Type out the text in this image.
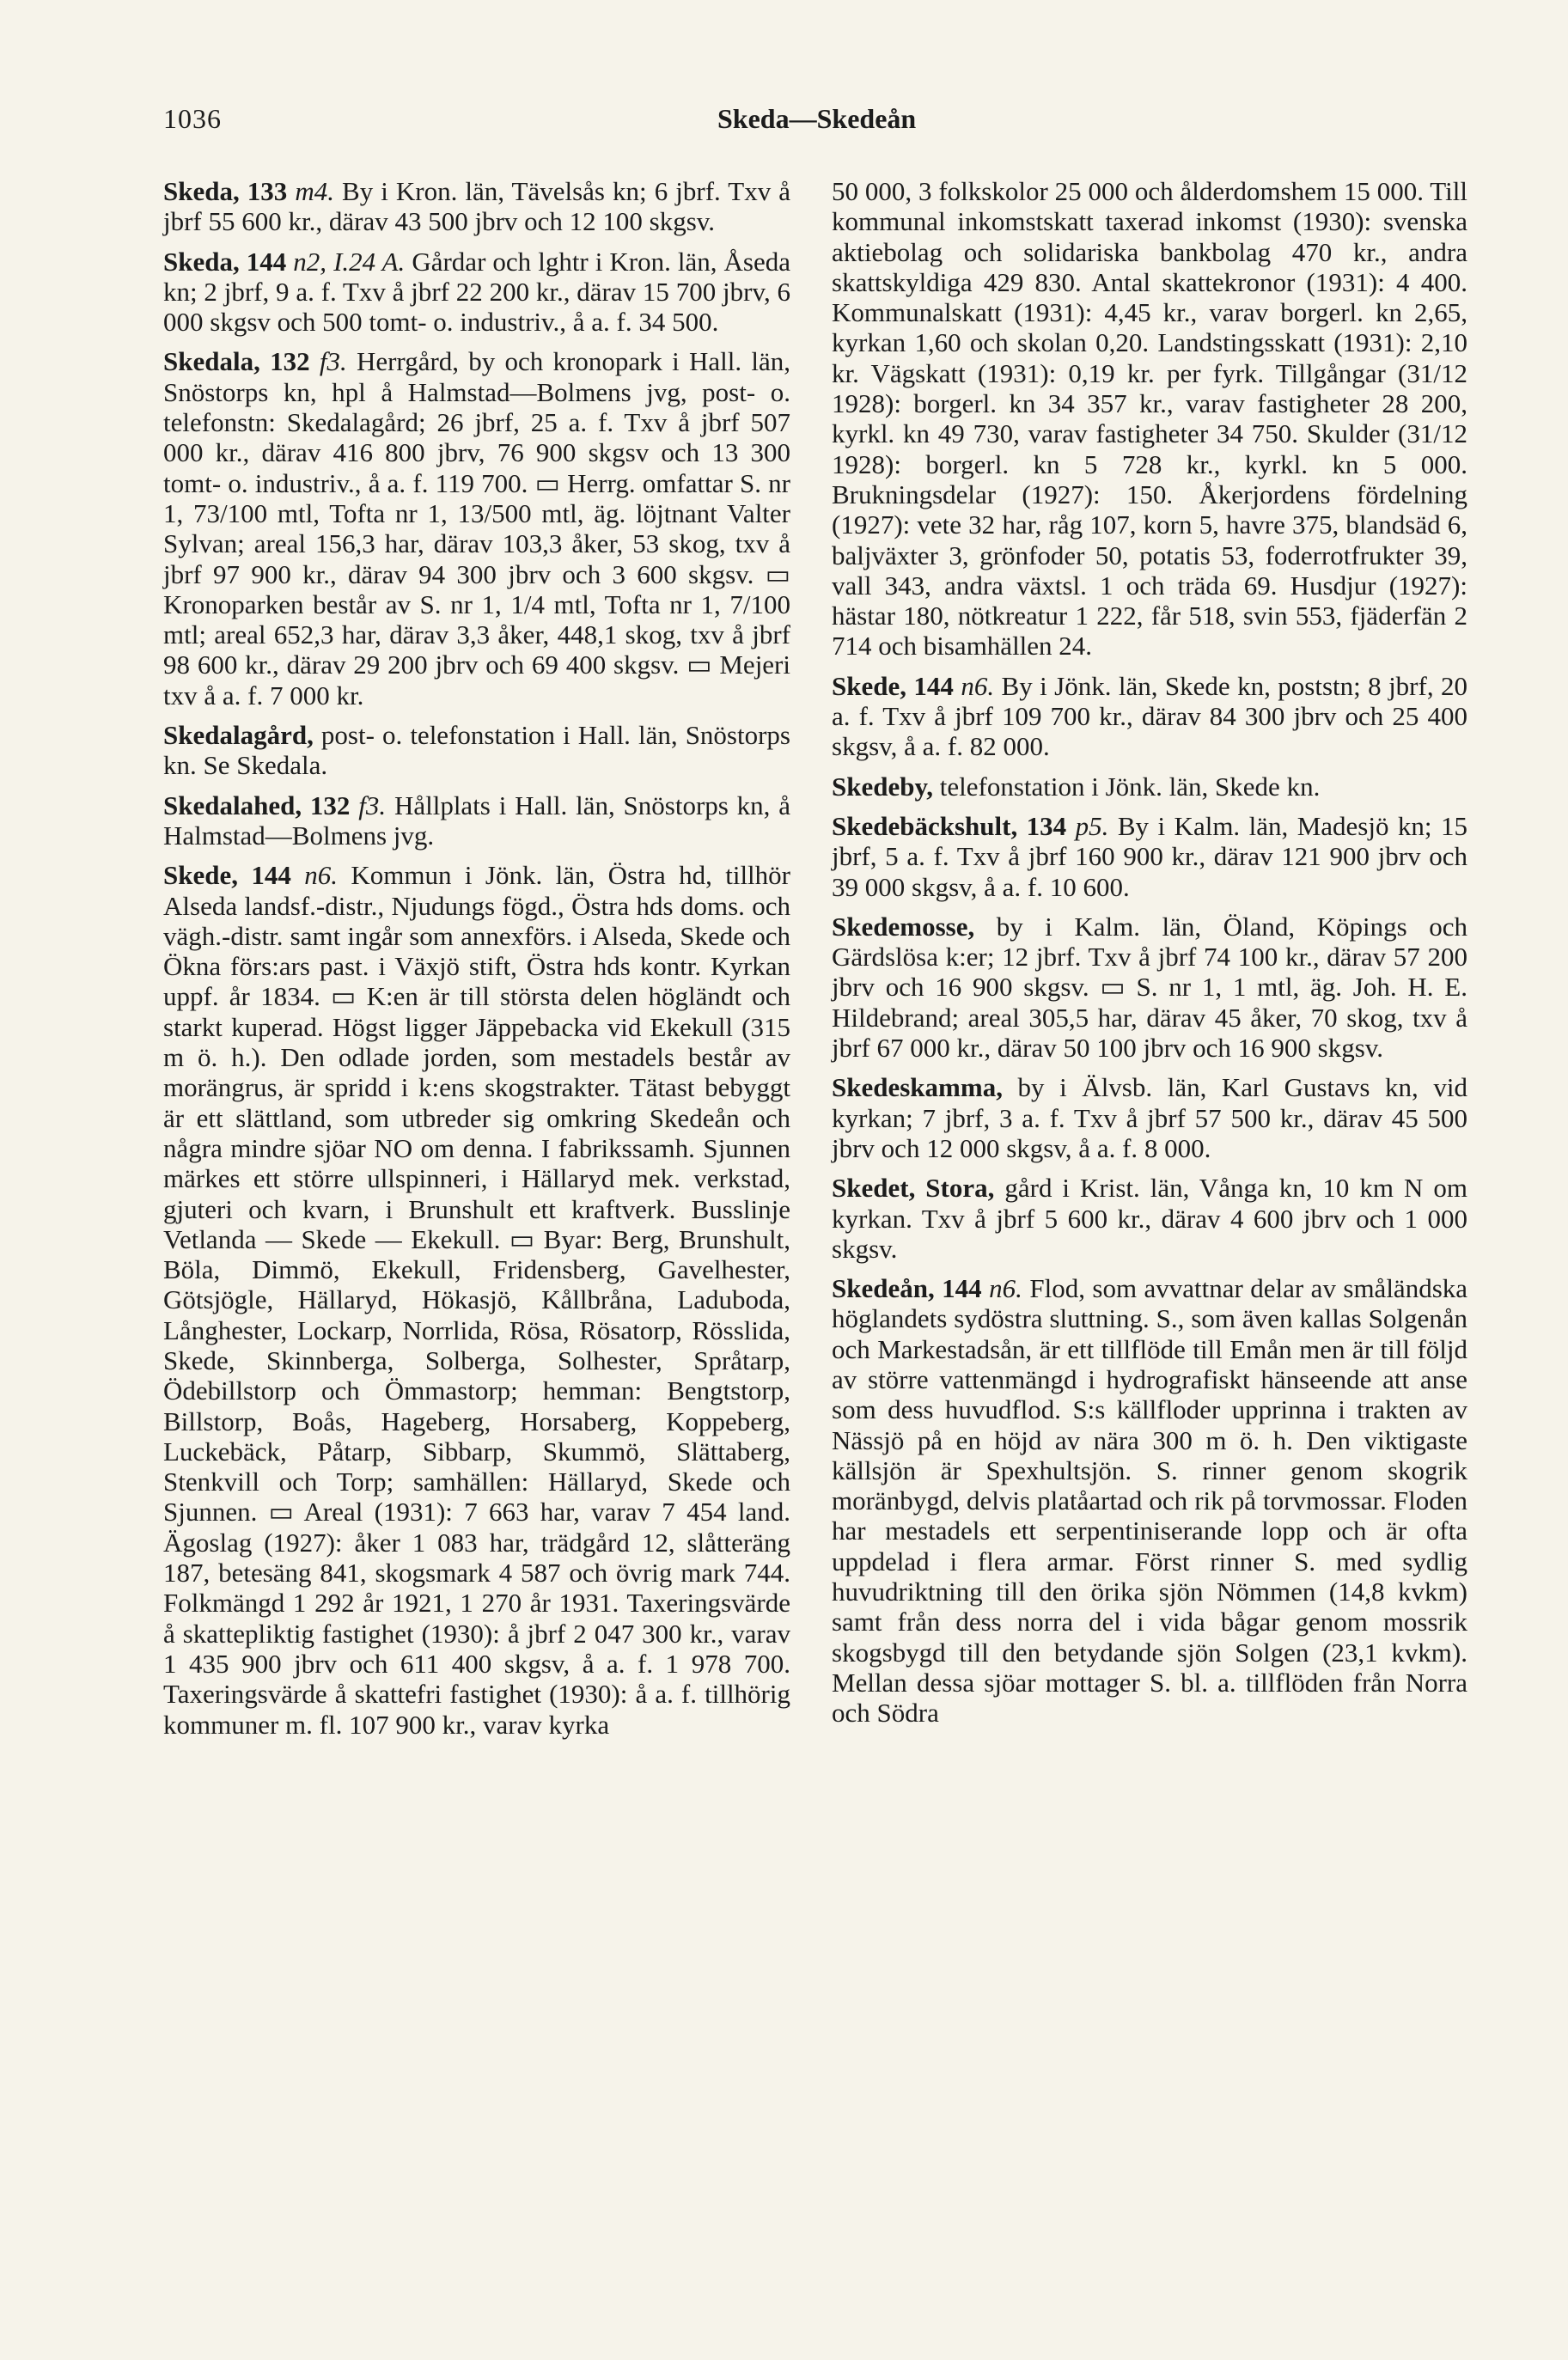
1036	Skeda—Skedeån

Skeda, 133 m4. By i Kron. län, Tävelsås kn; 6 jbrf. Txv å jbrf 55 600 kr., därav 43 500 jbrv och 12 100 skgsv.

Skeda, 144 n2, I.24 A. Gårdar och lghtr i Kron. län, Åseda kn; 2 jbrf, 9 a. f. Txv å jbrf 22 200 kr., därav 15 700 jbrv, 6 000 skgsv och 500 tomt- o. industriv., å a. f. 34 500.

Skedala, 132 f3. Herrgård, by och kronopark i Hall. län, Snöstorps kn, hpl å Halmstad—Bolmens jvg, post- o. telefonstn: Skedalagård; 26 jbrf, 25 a. f. Txv å jbrf 507 000 kr., därav 416 800 jbrv, 76 900 skgsv och 13 300 tomt- o. industriv., å a. f. 119 700. ▭ Herrg. omfattar S. nr 1, 73/100 mtl, Tofta nr 1, 13/500 mtl, äg. löjtnant Valter Sylvan; areal 156,3 har, därav 103,3 åker, 53 skog, txv å jbrf 97 900 kr., därav 94 300 jbrv och 3 600 skgsv. ▭ Kronoparken består av S. nr 1, 1/4 mtl, Tofta nr 1, 7/100 mtl; areal 652,3 har, därav 3,3 åker, 448,1 skog, txv å jbrf 98 600 kr., därav 29 200 jbrv och 69 400 skgsv. ▭ Mejeri txv å a. f. 7 000 kr.

Skedalagård, post- o. telefonstation i Hall. län, Snöstorps kn. Se Skedala.

Skedalahed, 132 f3. Hållplats i Hall. län, Snöstorps kn, å Halmstad—Bolmens jvg.

Skede, 144 n6. Kommun i Jönk. län, Östra hd, tillhör Alseda landsf.-distr., Njudungs fögd., Östra hds doms. och vägh.-distr. samt ingår som annexförs. i Alseda, Skede och Ökna förs:ars past. i Växjö stift, Östra hds kontr. Kyrkan uppf. år 1834. ▭ K:en är till största delen högländt och starkt kuperad. Högst ligger Jäppebacka vid Ekekull (315 m ö. h.). Den odlade jorden, som mestadels består av morängrus, är spridd i k:ens skogstrakter. Tätast bebyggt är ett slättland, som utbreder sig omkring Skedeån och några mindre sjöar NO om denna. I fabrikssamh. Sjunnen märkes ett större ullspinneri, i Hällaryd mek. verkstad, gjuteri och kvarn, i Brunshult ett kraftverk. Busslinje Vetlanda — Skede — Ekekull. ▭ Byar: Berg, Brunshult, Böla, Dimmö, Ekekull, Fridensberg, Gavelhester, Götsjögle, Hällaryd, Hökasjö, Kållbråna, Laduboda, Långhester, Lockarp, Norrlida, Rösa, Rösatorp, Rösslida, Skede, Skinnberga, Solberga, Solhester, Språtarp, Ödebillstorp och Ömmastorp; hemman: Bengtstorp, Billstorp, Boås, Hageberg, Horsaberg, Koppeberg, Luckebäck, Påtarp, Sibbarp, Skummö, Slättaberg, Stenkvill och Torp; samhällen: Hällaryd, Skede och Sjunnen. ▭ Areal (1931): 7 663 har, varav 7 454 land. Ägoslag (1927): åker 1 083 har, trädgård 12, slåtteräng 187, betesäng 841, skogsmark 4 587 och övrig mark 744. Folkmängd 1 292 år 1921, 1 270 år 1931. Taxeringsvärde å skattepliktig fastighet (1930): å jbrf 2 047 300 kr., varav 1 435 900 jbrv och 611 400 skgsv, å a. f. 1 978 700. Taxeringsvärde å skattefri fastighet (1930): å a. f. tillhörig kommuner m. fl. 107 900 kr., varav kyrka

50 000, 3 folkskolor 25 000 och ålderdomshem 15 000. Till kommunal inkomstskatt taxerad inkomst (1930): svenska aktiebolag och solidariska bankbolag 470 kr., andra skattskyldiga 429 830. Antal skattekronor (1931): 4 400. Kommunalskatt (1931): 4,45 kr., varav borgerl. kn 2,65, kyrkan 1,60 och skolan 0,20. Landstingsskatt (1931): 2,10 kr. Vägskatt (1931): 0,19 kr. per fyrk. Tillgångar (31/12 1928): borgerl. kn 34 357 kr., varav fastigheter 28 200, kyrkl. kn 49 730, varav fastigheter 34 750. Skulder (31/12 1928): borgerl. kn 5 728 kr., kyrkl. kn 5 000. Brukningsdelar (1927): 150. Åkerjordens fördelning (1927): vete 32 har, råg 107, korn 5, havre 375, blandsäd 6, baljväxter 3, grönfoder 50, potatis 53, foderrotfrukter 39, vall 343, andra växtsl. 1 och träda 69. Husdjur (1927): hästar 180, nötkreatur 1 222, får 518, svin 553, fjäderfän 2 714 och bisamhällen 24.

Skede, 144 n6. By i Jönk. län, Skede kn, poststn; 8 jbrf, 20 a. f. Txv å jbrf 109 700 kr., därav 84 300 jbrv och 25 400 skgsv, å a. f. 82 000.

Skedeby, telefonstation i Jönk. län, Skede kn.

Skedebäckshult, 134 p5. By i Kalm. län, Madesjö kn; 15 jbrf, 5 a. f. Txv å jbrf 160 900 kr., därav 121 900 jbrv och 39 000 skgsv, å a. f. 10 600.

Skedemosse, by i Kalm. län, Öland, Köpings och Gärdslösa k:er; 12 jbrf. Txv å jbrf 74 100 kr., därav 57 200 jbrv och 16 900 skgsv. ▭ S. nr 1, 1 mtl, äg. Joh. H. E. Hildebrand; areal 305,5 har, därav 45 åker, 70 skog, txv å jbrf 67 000 kr., därav 50 100 jbrv och 16 900 skgsv.

Skedeskamma, by i Älvsb. län, Karl Gustavs kn, vid kyrkan; 7 jbrf, 3 a. f. Txv å jbrf 57 500 kr., därav 45 500 jbrv och 12 000 skgsv, å a. f. 8 000.

Skedet, Stora, gård i Krist. län, Vånga kn, 10 km N om kyrkan. Txv å jbrf 5 600 kr., därav 4 600 jbrv och 1 000 skgsv.

Skedeån, 144 n6. Flod, som avvattnar delar av småländska höglandets sydöstra sluttning. S., som även kallas Solgenån och Markestadsån, är ett tillflöde till Emån men är till följd av större vattenmängd i hydrografiskt hänseende att anse som dess huvudflod. S:s källfloder upprinna i trakten av Nässjö på en höjd av nära 300 m ö. h. Den viktigaste källsjön är Spexhultsjön. S. rinner genom skogrik moränbygd, delvis platåartad och rik på torvmossar. Floden har mestadels ett serpentiniserande lopp och är ofta uppdelad i flera armar. Först rinner S. med sydlig huvudriktning till den örika sjön Nömmen (14,8 kvkm) samt från dess norra del i vida bågar genom mossrik skogsbygd till den betydande sjön Solgen (23,1 kvkm). Mellan dessa sjöar mottager S. bl. a. tillflöden från Norra och Södra
